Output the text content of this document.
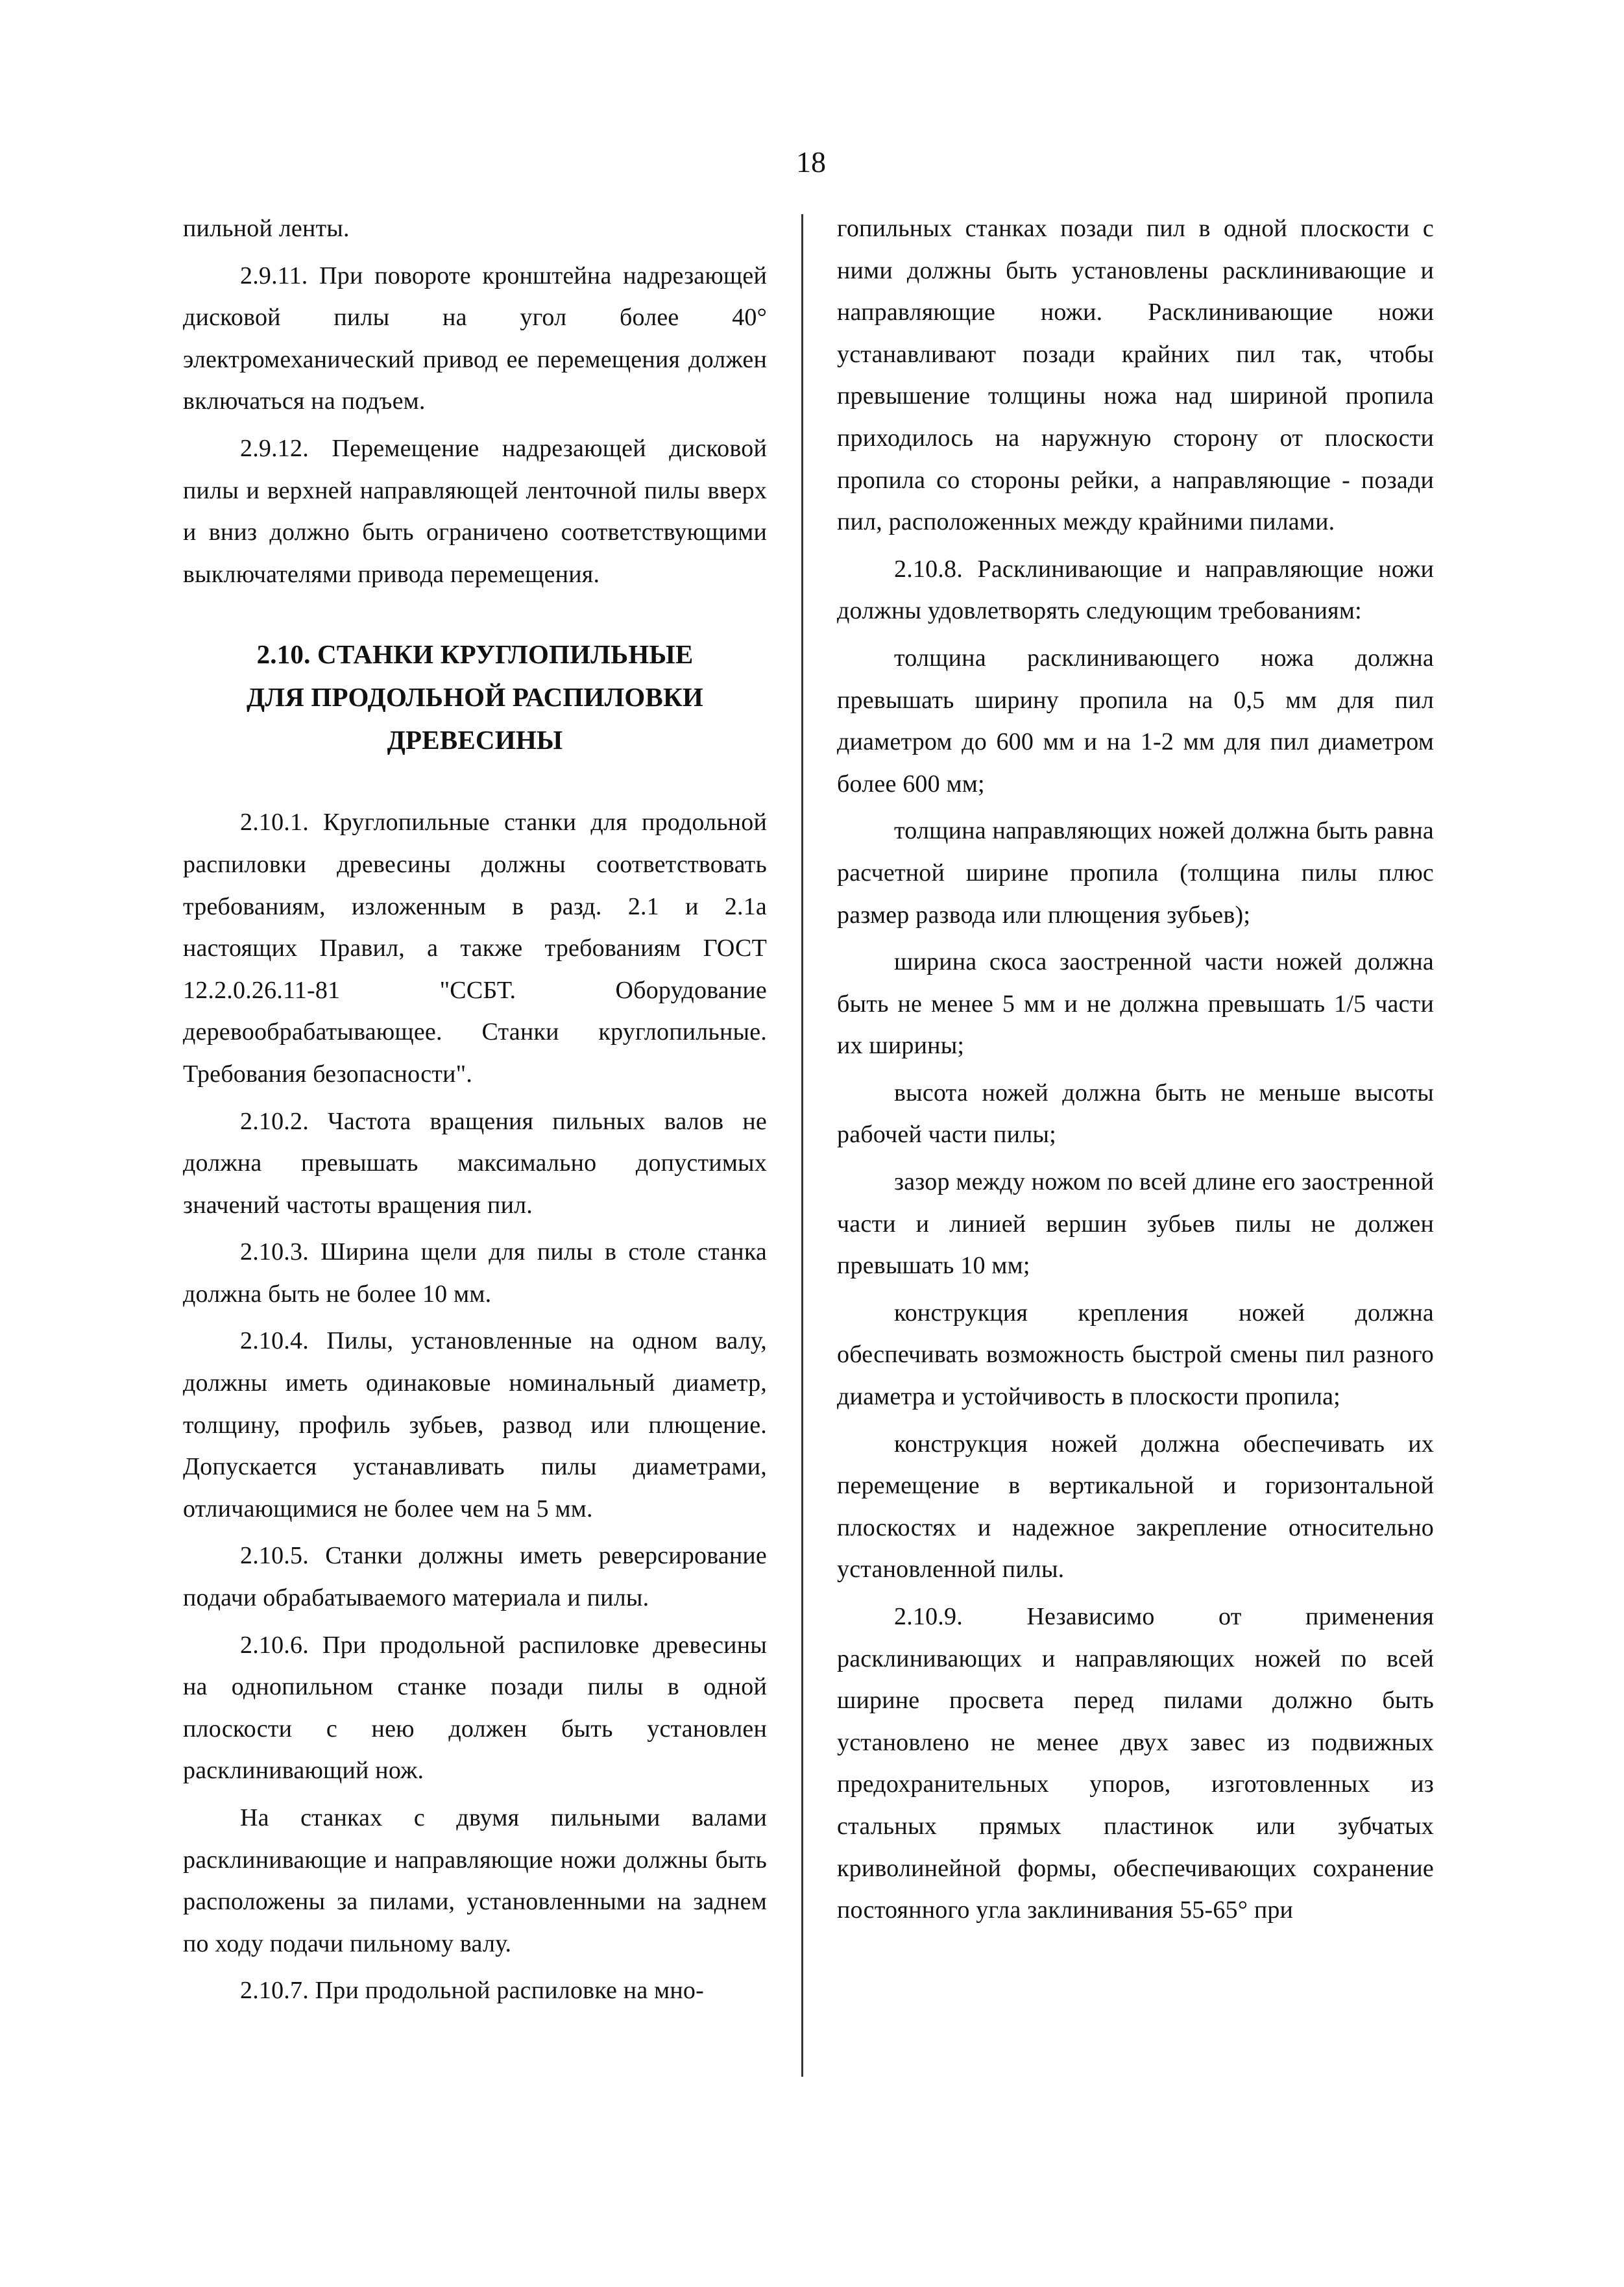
18

пильной ленты.

2.9.11. При повороте кронштейна надрезающей дисковой пилы на угол более 40° электромеханический привод ее перемещения должен включаться на подъем.

2.9.12. Перемещение надрезающей дисковой пилы и верхней направляющей ленточной пилы вверх и вниз должно быть ограничено соответствующими выключателями привода перемещения.

2.10. СТАНКИ КРУГЛОПИЛЬНЫЕ
ДЛЯ ПРОДОЛЬНОЙ РАСПИЛОВКИ
ДРЕВЕСИНЫ

2.10.1. Круглопильные станки для продольной распиловки древесины должны соответствовать требованиям, изложенным в разд. 2.1 и 2.1а настоящих Правил, а также требованиям ГОСТ 12.2.0.26.11-81 "ССБТ. Оборудование деревообрабатывающее. Станки круглопильные. Требования безопасности".

2.10.2. Частота вращения пильных валов не должна превышать максимально допустимых значений частоты вращения пил.

2.10.3. Ширина щели для пилы в столе станка должна быть не более 10 мм.

2.10.4. Пилы, установленные на одном валу, должны иметь одинаковые номинальный диаметр, толщину, профиль зубьев, развод или плющение. Допускается устанавливать пилы диаметрами, отличающимися не более чем на 5 мм.

2.10.5. Станки должны иметь реверсирование подачи обрабатываемого материала и пилы.

2.10.6. При продольной распиловке древесины на однопильном станке позади пилы в одной плоскости с нею должен быть установлен расклинивающий нож.

На станках с двумя пильными валами расклинивающие и направляющие ножи должны быть расположены за пилами, установленными на заднем по ходу подачи пильному валу.

2.10.7. При продольной распиловке на мно-

гопильных станках позади пил в одной плоскости с ними должны быть установлены расклинивающие и направляющие ножи. Расклинивающие ножи устанавливают позади крайних пил так, чтобы превышение толщины ножа над шириной пропила приходилось на наружную сторону от плоскости пропила со стороны рейки, а направляющие - позади пил, расположенных между крайними пилами.

2.10.8. Расклинивающие и направляющие ножи должны удовлетворять следующим требованиям:

толщина расклинивающего ножа должна превышать ширину пропила на 0,5 мм для пил диаметром до 600 мм и на 1-2 мм для пил диаметром более 600 мм;

толщина направляющих ножей должна быть равна расчетной ширине пропила (толщина пилы плюс размер развода или плющения зубьев);

ширина скоса заостренной части ножей должна быть не менее 5 мм и не должна превышать 1/5 части их ширины;

высота ножей должна быть не меньше высоты рабочей части пилы;

зазор между ножом по всей длине его заостренной части и линией вершин зубьев пилы не должен превышать 10 мм;

конструкция крепления ножей должна обеспечивать возможность быстрой смены пил разного диаметра и устойчивость в плоскости пропила;

конструкция ножей должна обеспечивать их перемещение в вертикальной и горизонтальной плоскостях и надежное закрепление относительно установленной пилы.

2.10.9. Независимо от применения расклинивающих и направляющих ножей по всей ширине просвета перед пилами должно быть установлено не менее двух завес из подвижных предохранительных упоров, изготовленных из стальных прямых пластинок или зубчатых криволинейной формы, обеспечивающих сохранение постоянного угла заклинивания 55-65° при
